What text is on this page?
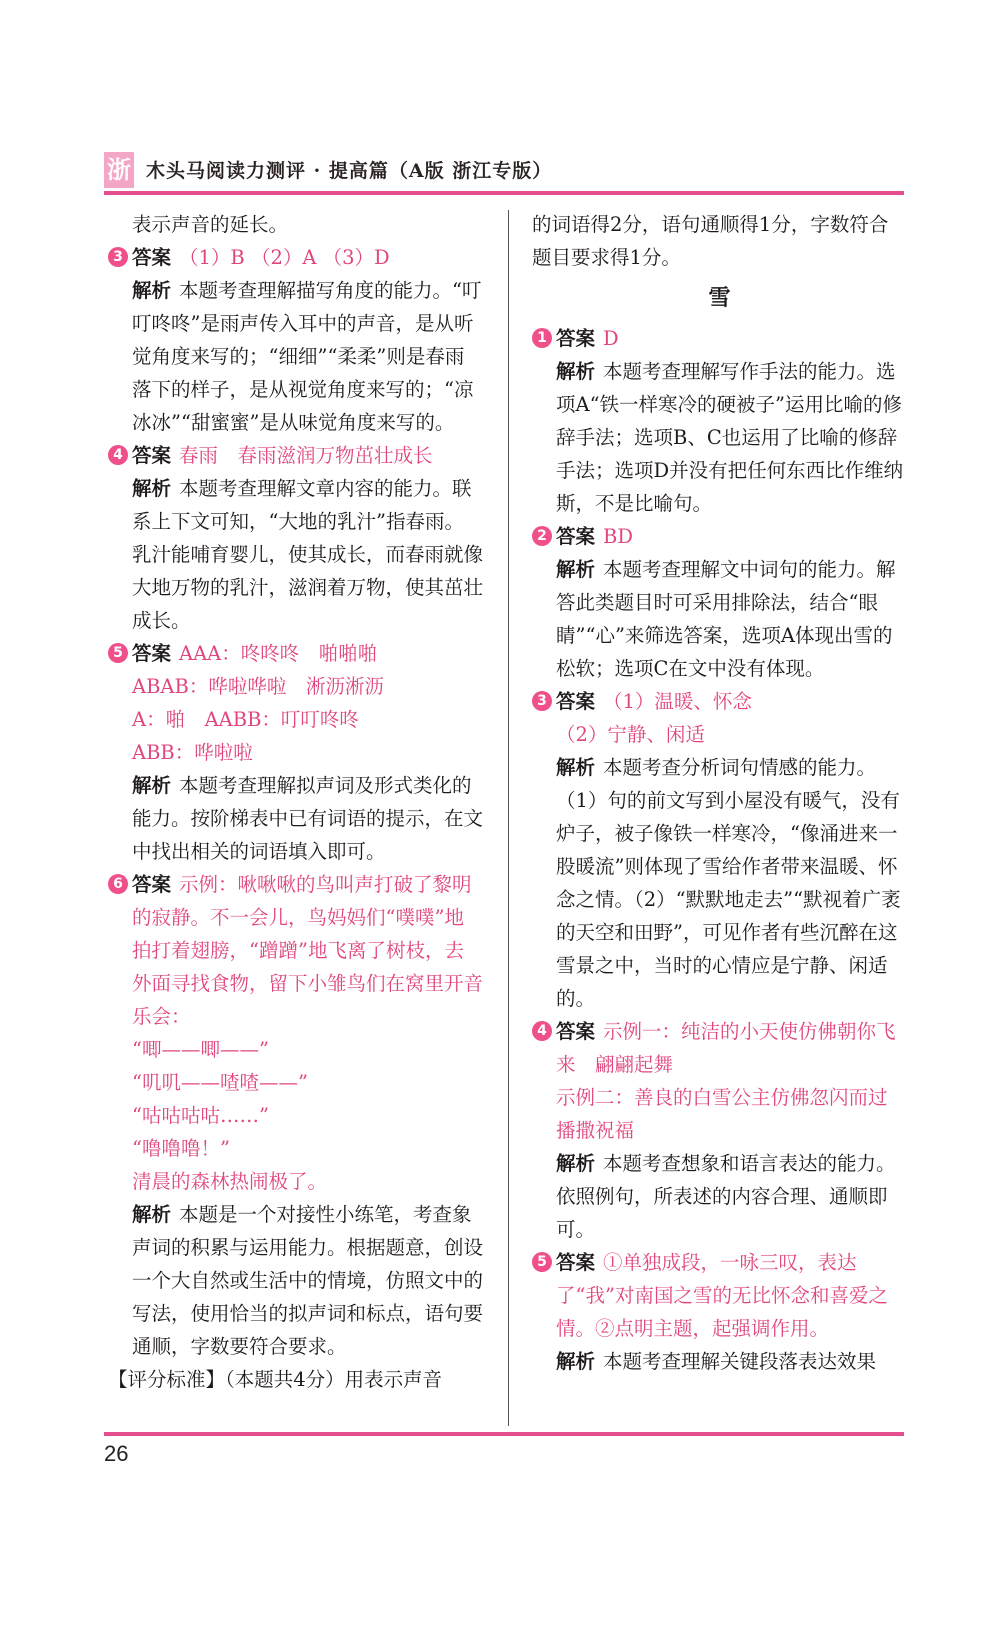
浙 木头马阅读力测评 · 提高篇（A版 浙江专版）
表示声音的延长。
3 答案 （1）B （2）A （3）D
解析 本题考查理解描写角度的能力。“叮叮咚咚”是雨声传入耳中的声音，是从听觉角度来写的；“细细”“柔柔”则是春雨落下的样子，是从视觉角度来写的；“凉冰冰”“甜蜜蜜”是从味觉角度来写的。
4 答案 春雨　春雨滋润万物茁壮成长
解析 本题考查理解文章内容的能力。联系上下文可知，“大地的乳汁”指春雨。乳汁能哺育婴儿，使其成长，而春雨就像大地万物的乳汁，滋润着万物，使其茁壮成长。
5 答案 AAA：咚咚咚　啪啪啪
ABAB：哗啦哗啦　淅沥淅沥
A：啪　AABB：叮叮咚咚
ABB：哗啦啦
解析 本题考查理解拟声词及形式类化的能力。按阶梯表中已有词语的提示，在文中找出相关的词语填入即可。
6 答案 示例：啾啾啾的鸟叫声打破了黎明的寂静。不一会儿，鸟妈妈们“噗噗”地拍打着翅膀，“蹭蹭”地飞离了树枝，去外面寻找食物，留下小雏鸟们在窝里开音乐会：
“唧——唧——”
“叽叽——喳喳——”
“咕咕咕咕……”
“噜噜噜！”
清晨的森林热闹极了。
解析 本题是一个对接性小练笔，考查象声词的积累与运用能力。根据题意，创设一个大自然或生活中的情境，仿照文中的写法，使用恰当的拟声词和标点，语句要通顺，字数要符合要求。
【评分标准】（本题共4分）用表示声音
的词语得2分，语句通顺得1分，字数符合题目要求得1分。
雪
1 答案 D
解析 本题考查理解写作手法的能力。选项A“铁一样寒冷的硬被子”运用比喻的修辞手法；选项B、C也运用了比喻的修辞手法；选项D并没有把任何东西比作维纳斯，不是比喻句。
2 答案 BD
解析 本题考查理解文中词句的能力。解答此类题目时可采用排除法，结合“眼睛”“心”来筛选答案，选项A体现出雪的松软；选项C在文中没有体现。
3 答案 （1）温暖、怀念
（2）宁静、闲适
解析 本题考查分析词句情感的能力。（1）句的前文写到小屋没有暖气，没有炉子，被子像铁一样寒冷，“像涌进来一股暖流”则体现了雪给作者带来温暖、怀念之情。（2）“默默地走去”“默视着广袤的天空和田野”，可见作者有些沉醉在这雪景之中，当时的心情应是宁静、闲适的。
4 答案 示例一：纯洁的小天使仿佛朝你飞来　翩翩起舞
示例二：善良的白雪公主仿佛忽闪而过　播撒祝福
解析 本题考查想象和语言表达的能力。依照例句，所表述的内容合理、通顺即可。
5 答案 ①单独成段，一咏三叹，表达了“我”对南国之雪的无比怀念和喜爱之情。②点明主题，起强调作用。
解析 本题考查理解关键段落表达效果
26
